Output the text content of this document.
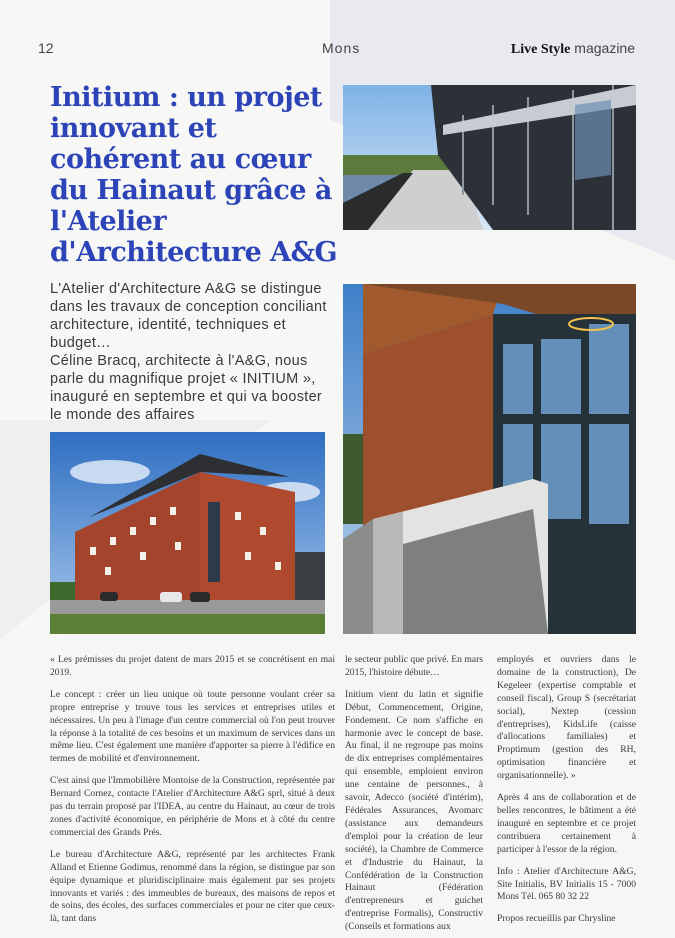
12	Mons	Live Style magazine
Initium : un projet innovant et cohérent au cœur du Hainaut grâce à l'Atelier d'Architecture A&G

L'Atelier d'Architecture A&G se distingue dans les travaux de conception conciliant architecture, identité, techniques et budget…

Céline Bracq, architecte à l'A&G, nous parle du magnifique projet « INITIUM », inauguré en septembre et qui va booster le monde des affaires

« Les prémisses du projet datent de mars 2015 et se concrétisent en mai 2019.

Le concept : créer un lieu unique où toute personne voulant créer sa propre entreprise y trouve tous les services et entreprises utiles et nécessaires. Un peu à l'image d'un centre commercial où l'on peut trouver la réponse à la totalité de ces besoins et un maximum de services dans un même lieu. C'est également une manière d'apporter sa pierre à l'édifice en termes de mobilité et d'environnement.

C'est ainsi que l'Immobilière Montoise de la Construction, représentée par Bernard Cornez, contacte l'Atelier d'Architecture A&G sprl, situé à deux pas du terrain proposé par l'IDEA, au centre du Hainaut, au cœur de trois zones d'activité économique, en périphérie de Mons et à côté du centre commercial des Grands Prés.

Le bureau d'Architecture A&G, représenté par les architectes Frank Alland et Etienne Godimus, renommé dans la région, se distingue par son équipe dynamique et pluridisciplinaire mais également par ses projets innovants et variés : des immeubles de bureaux, des maisons de repos et de soins, des écoles, des surfaces commerciales et pour ne citer que ceux-là, tant dans

le secteur public que privé. En mars 2015, l'histoire débute…

Initium vient du latin et signifie Début, Commencement, Origine, Fondement. Ce nom s'affiche en harmonie avec le concept de base. Au final, il ne regroupe pas moins de dix entreprises complémentaires qui ensemble, emploient environ une centaine de personnes., à savoir, Adecco (société d'intérim), Fédérales Assurances, Avomarc (assistance aux demandeurs d'emploi pour la création de leur société), la Chambre de Commerce et d'Industrie du Hainaut, la Confédération de la Construction Hainaut (Fédération d'entrepreneurs et guichet d'entreprise Formalis), Constructiv (Conseils et formations aux

employés et ouvriers dans le domaine de la construction), De Kegeleer (expertise comptable et conseil fiscal), Group S (secrétariat social), Nextep (cession d'entreprises), KidsLife (caisse d'allocations familiales) et Proptimum (gestion des RH, optimisation financière et organisationnelle). »

Après 4 ans de collaboration et de belles rencontres, le bâtiment a été inauguré en septembre et ce projet contribuera certainement à participer à l'essor de la région.

Info : Atelier d'Architecture A&G, Site Initialis, BV Initialis 15 - 7000 Mons Tél. 065 80 32 22

Propos recueillis par Chrysline
